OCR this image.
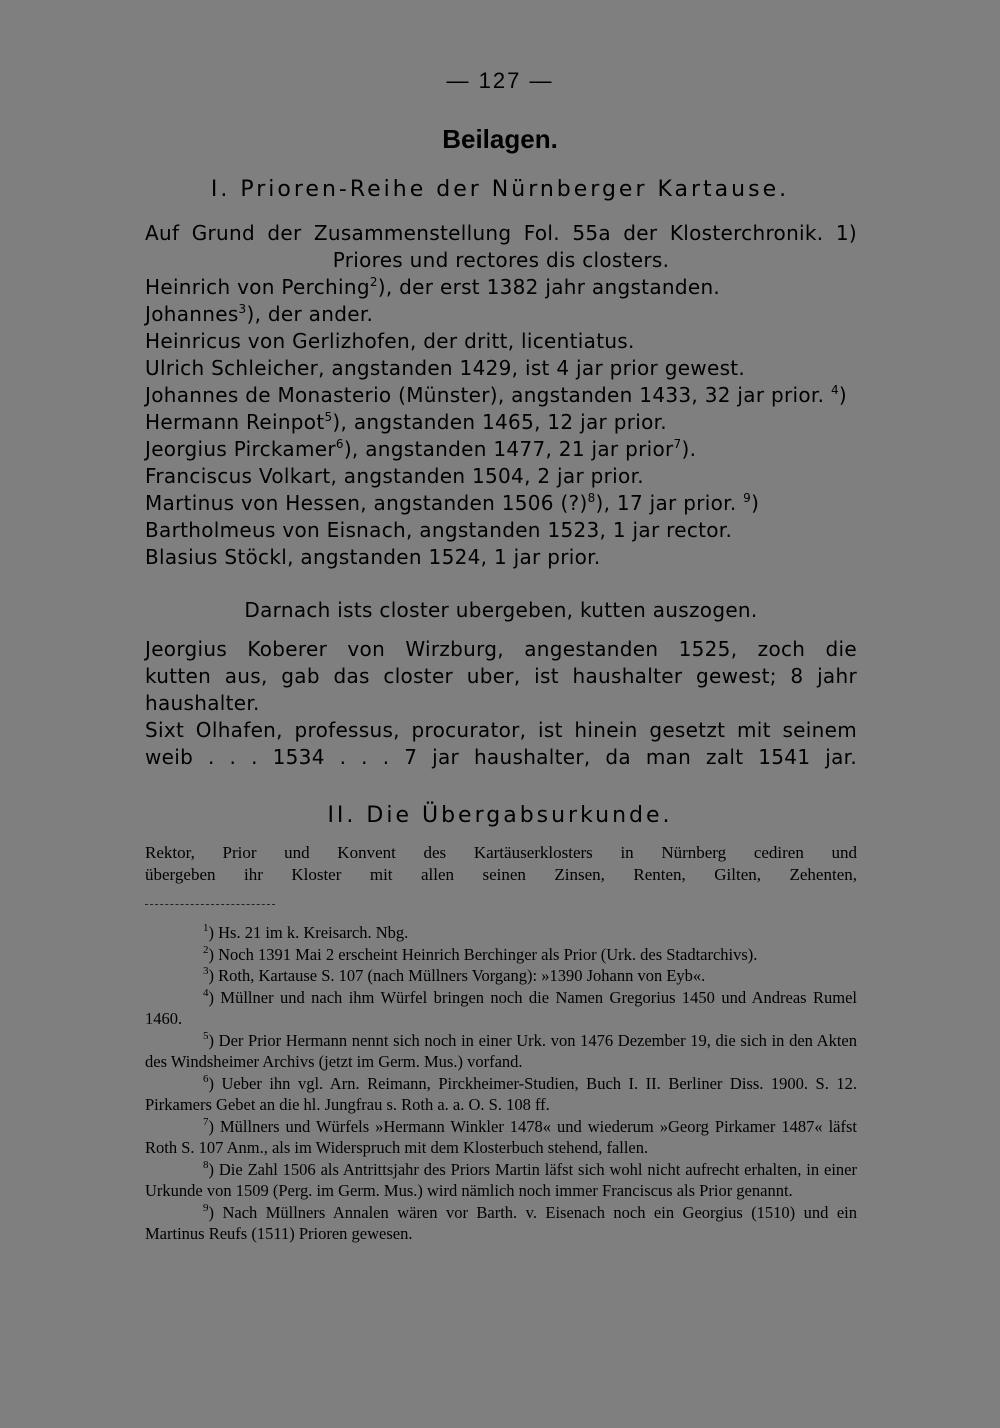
— 127 —
Beilagen.
I. Prioren-Reihe der Nürnberger Kartause.
Auf Grund der Zusammenstellung Fol. 55a der Klosterchronik. 1)
Priores und rectores dis closters.
Heinrich von Perching$^2$), der erst 1382 jahr angstanden.
Johannes$^3$), der ander.
Heinricus von Gerlizhofen, der dritt, licentiatus.
Ulrich Schleicher, angstanden 1429, ist 4 jar prior gewest.
Johannes de Monasterio (Münster), angstanden 1433, 32 jar prior. $^4$)
Hermann Reinpot$^5$), angstanden 1465, 12 jar prior.
Jeorgius Pirckamer$^6$), angstanden 1477, 21 jar prior$^7$).
Franciscus Volkart, angstanden 1504, 2 jar prior.
Martinus von Hessen, angstanden 1506 (?)$^8$), 17 jar prior. $^9$)
Bartholmeus von Eisnach, angstanden 1523, 1 jar rector.
Blasius Stöckl, angstanden 1524, 1 jar prior.
Darnach ists closter ubergeben, kutten auszogen.
Jeorgius Koberer von Wirzburg, angestanden 1525, zoch die
kutten aus, gab das closter uber, ist haushalter gewest; 8 jahr
haushalter.
Sixt Olhafen, professus, procurator, ist hinein gesetzt mit seinem
weib . . . 1534 . . . 7 jar haushalter, da man zalt 1541 jar.
II. Die Übergabsurkunde.
Rektor, Prior und Konvent des Kartäuserklosters in Nürnberg cediren und
übergeben ihr Kloster mit allen seinen Zinsen, Renten, Gilten, Zehenten,

$^1$) Hs. 21 im k. Kreisarch. Nbg.

$^2$) Noch 1391 Mai 2 erscheint Heinrich Berchinger als Prior (Urk. des Stadtarchivs).

$^3$) Roth, Kartause S. 107 (nach Müllners Vorgang): »1390 Johann von Eyb«.

$^4$) Müllner und nach ihm Würfel bringen noch die Namen Gregorius 1450 und Andreas Rumel 1460.

$^5$) Der Prior Hermann nennt sich noch in einer Urk. von 1476 Dezember 19, die sich in den Akten des Windsheimer Archivs (jetzt im Germ. Mus.) vorfand.

$^6$) Ueber ihn vgl. Arn. Reimann, Pirckheimer-Studien, Buch I. II. Berliner Diss. 1900. S. 12. Pirkamers Gebet an die hl. Jungfrau s. Roth a. a. O. S. 108 ff.

$^7$) Müllners und Würfels »Hermann Winkler 1478« und wiederum »Georg Pirkamer 1487« läfst Roth S. 107 Anm., als im Widerspruch mit dem Klosterbuch stehend, fallen.

$^8$) Die Zahl 1506 als Antrittsjahr des Priors Martin läfst sich wohl nicht aufrecht erhalten, in einer Urkunde von 1509 (Perg. im Germ. Mus.) wird nämlich noch immer Franciscus als Prior genannt.

$^9$) Nach Müllners Annalen wären vor Barth. v. Eisenach noch ein Georgius (1510) und ein Martinus Reufs (1511) Prioren gewesen.
